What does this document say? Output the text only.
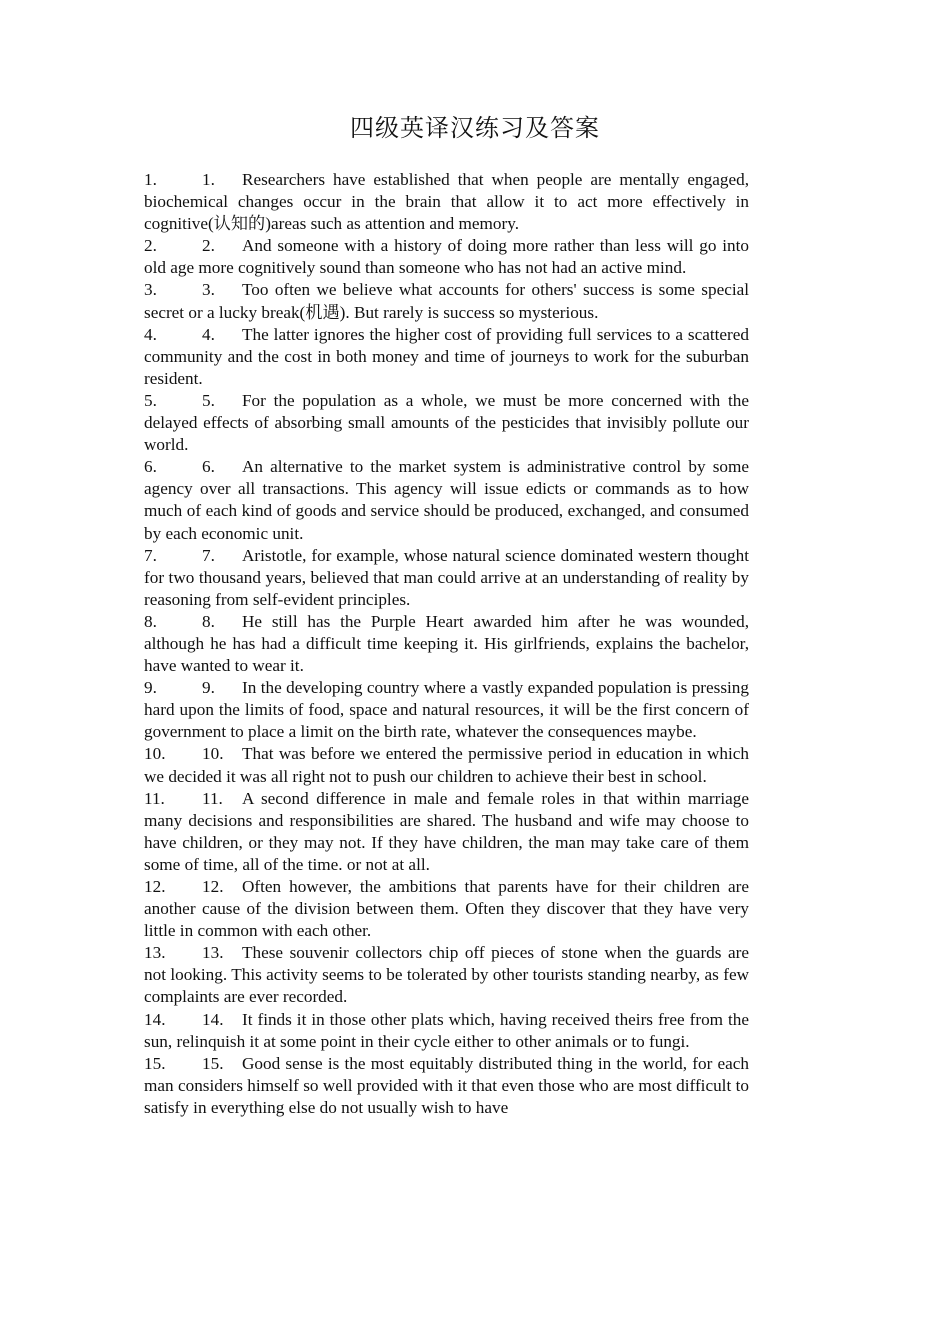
四级英译汉练习及答案

1.	1. Researchers have established that when people are mentally engaged, biochemical changes occur in the brain that allow it to act more effectively in cognitive(认知的)areas such as attention and memory.

2.	2. And someone with a history of doing more rather than less will go into old age more cognitively sound than someone who has not had an active mind.

3.	3. Too often we believe what accounts for others' success is some special secret or a lucky break(机遇). But rarely is success so mysterious.

4.	4. The latter ignores the higher cost of providing full services to a scattered community and the cost in both money and time of journeys to work for the suburban resident.

5.	5. For the population as a whole, we must be more concerned with the delayed effects of absorbing small amounts of the pesticides that invisibly pollute our world.

6.	6. An alternative to the market system is administrative control by some agency over all transactions. This agency will issue edicts or commands as to how much of each kind of goods and service should be produced, exchanged, and consumed by each economic unit.

7.	7. Aristotle, for example, whose natural science dominated western thought for two thousand years, believed that man could arrive at an understanding of reality by reasoning from self-evident principles.

8.	8. He still has the Purple Heart awarded him after he was wounded, although he has had a difficult time keeping it. His girlfriends, explains the bachelor, have wanted to wear it.

9.	9. In the developing country where a vastly expanded population is pressing hard upon the limits of food, space and natural resources, it will be the first concern of government to place a limit on the birth rate, whatever the consequences maybe.

10. 10. That was before we entered the permissive period in education in which we decided it was all right not to push our children to achieve their best in school.

11. 11. A second difference in male and female roles in that within marriage many decisions and responsibilities are shared. The husband and wife may choose to have children, or they may not. If they have children, the man may take care of them some of time, all of the time. or not at all.

12. 12. Often however, the ambitions that parents have for their children are another cause of the division between them. Often they discover that they have very little in common with each other.

13. 13. These souvenir collectors chip off pieces of stone when the guards are not looking. This activity seems to be tolerated by other tourists standing nearby, as few complaints are ever recorded.

14. 14. It finds it in those other plats which, having received theirs free from the sun, relinquish it at some point in their cycle either to other animals or to fungi.

15. 15. Good sense is the most equitably distributed thing in the world, for each man considers himself so well provided with it that even those who are most difficult to satisfy in everything else do not usually wish to have
